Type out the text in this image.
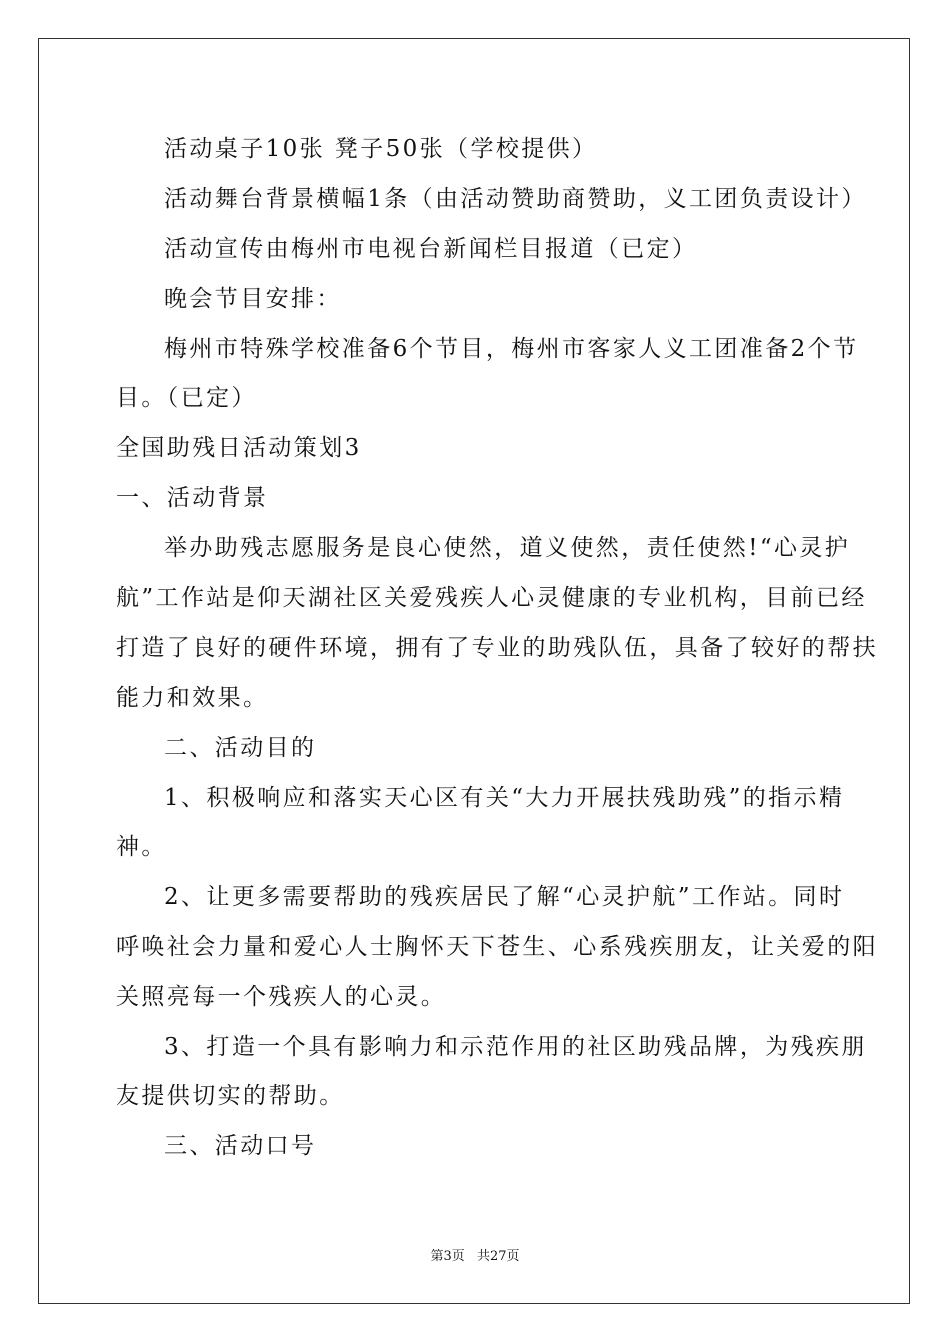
活动桌子10张 凳子50张（学校提供）
活动舞台背景横幅1条（由活动赞助商赞助，义工团负责设计）
活动宣传由梅州市电视台新闻栏目报道（已定）
晚会节目安排：
梅州市特殊学校准备6个节目，梅州市客家人义工团准备2个节
目。（已定）
全国助残日活动策划3
一、活动背景
举办助残志愿服务是良心使然，道义使然，责任使然!“心灵护
航”工作站是仰天湖社区关爱残疾人心灵健康的专业机构，目前已经
打造了良好的硬件环境，拥有了专业的助残队伍，具备了较好的帮扶
能力和效果。
二、活动目的
1、积极响应和落实天心区有关“大力开展扶残助残”的指示精
神。
2、让更多需要帮助的残疾居民了解“心灵护航”工作站。同时
呼唤社会力量和爱心人士胸怀天下苍生、心系残疾朋友，让关爱的阳
关照亮每一个残疾人的心灵。
3、打造一个具有影响力和示范作用的社区助残品牌，为残疾朋
友提供切实的帮助。
三、活动口号
第3页 共27页
